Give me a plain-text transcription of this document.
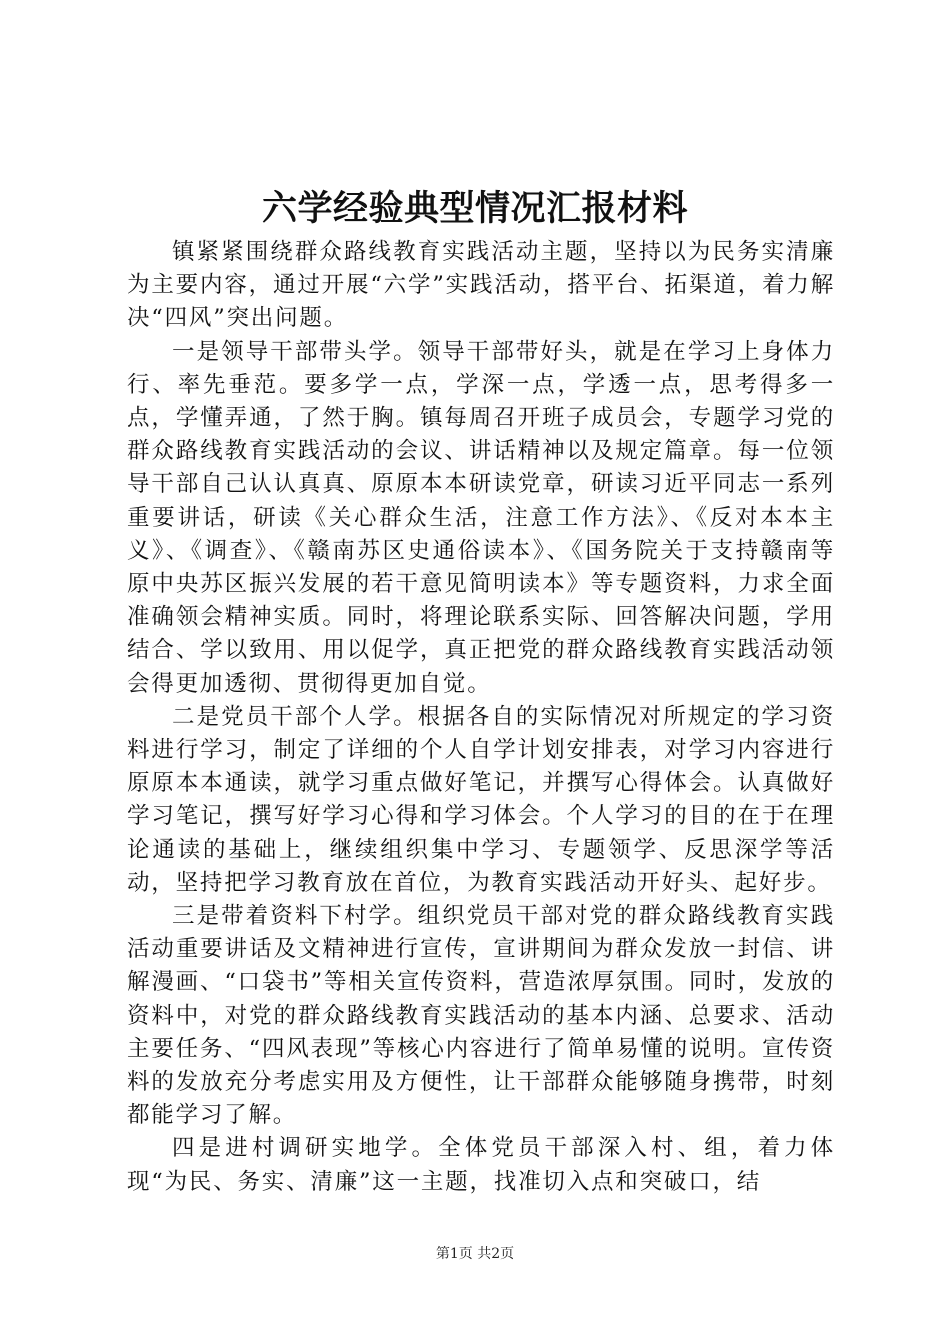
六学经验典型情况汇报材料

镇紧紧围绕群众路线教育实践活动主题，坚持以为民务实清廉为主要内容，通过开展“六学”实践活动，搭平台、拓渠道，着力解决“四风”突出问题。

一是领导干部带头学。领导干部带好头，就是在学习上身体力行、率先垂范。要多学一点，学深一点，学透一点，思考得多一点，学懂弄通，了然于胸。镇每周召开班子成员会，专题学习党的群众路线教育实践活动的会议、讲话精神以及规定篇章。每一位领导干部自己认认真真、原原本本研读党章，研读习近平同志一系列重要讲话，研读《关心群众生活，注意工作方法》、《反对本本主义》、《调查》、《赣南苏区史通俗读本》、《国务院关于支持赣南等原中央苏区振兴发展的若干意见简明读本》等专题资料，力求全面准确领会精神实质。同时，将理论联系实际、回答解决问题，学用结合、学以致用、用以促学，真正把党的群众路线教育实践活动领会得更加透彻、贯彻得更加自觉。

二是党员干部个人学。根据各自的实际情况对所规定的学习资料进行学习，制定了详细的个人自学计划安排表，对学习内容进行原原本本通读，就学习重点做好笔记，并撰写心得体会。认真做好学习笔记，撰写好学习心得和学习体会。个人学习的目的在于在理论通读的基础上，继续组织集中学习、专题领学、反思深学等活动，坚持把学习教育放在首位，为教育实践活动开好头、起好步。

三是带着资料下村学。组织党员干部对党的群众路线教育实践活动重要讲话及文精神进行宣传，宣讲期间为群众发放一封信、讲解漫画、“口袋书”等相关宣传资料，营造浓厚氛围。同时，发放的资料中，对党的群众路线教育实践活动的基本内涵、总要求、活动主要任务、“四风表现”等核心内容进行了简单易懂的说明。宣传资料的发放充分考虑实用及方便性，让干部群众能够随身携带，时刻都能学习了解。

四是进村调研实地学。全体党员干部深入村、组，着力体现“为民、务实、清廉”这一主题，找准切入点和突破口，结

第1页 共2页
